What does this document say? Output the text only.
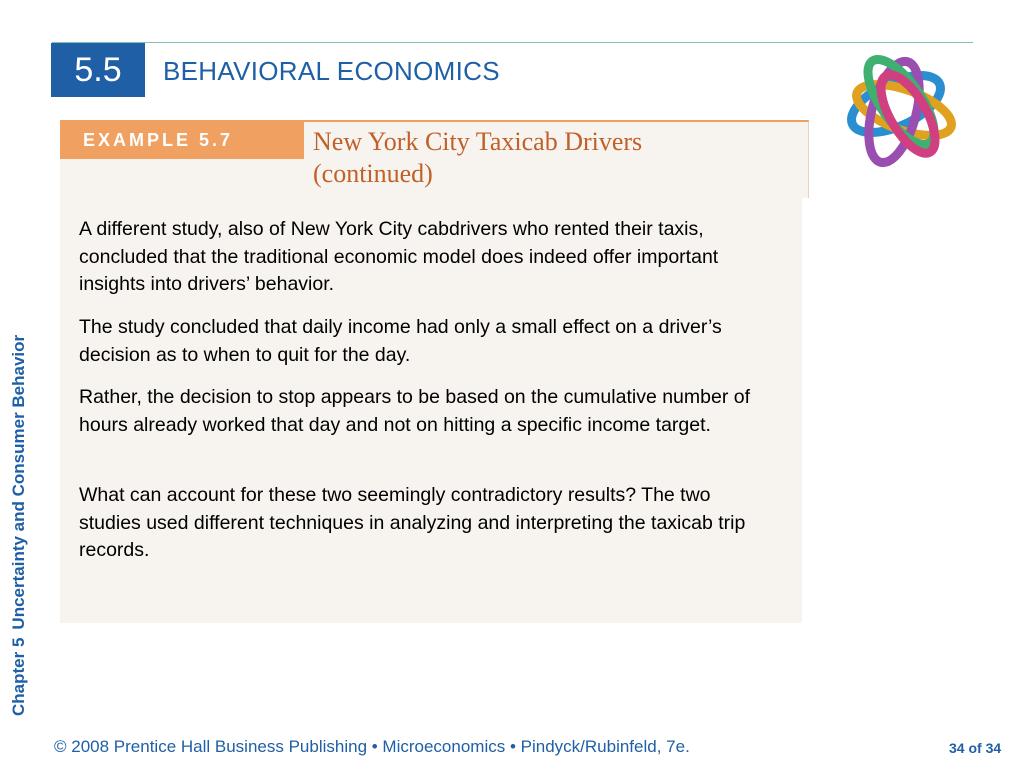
5.5	BEHAVIORAL ECONOMICS
EXAMPLE 5.7	New York City Taxicab Drivers
(continued)

A different study, also of New York City cabdrivers who rented their taxis, concluded that the traditional economic model does indeed offer important insights into drivers’ behavior.

The study concluded that daily income had only a small effect on a driver’s decision as to when to quit for the day.

Rather, the decision to stop appears to be based on the cumulative number of hours already worked that day and not on hitting a specific income target.

What can account for these two seemingly contradictory results? The two studies used different techniques in analyzing and interpreting the taxicab trip records.

Chapter 5Uncertainty and Consumer Behavior
© 2008 Prentice Hall Business Publishing • Microeconomics • Pindyck/Rubinfeld, 7e.	34 of 34
